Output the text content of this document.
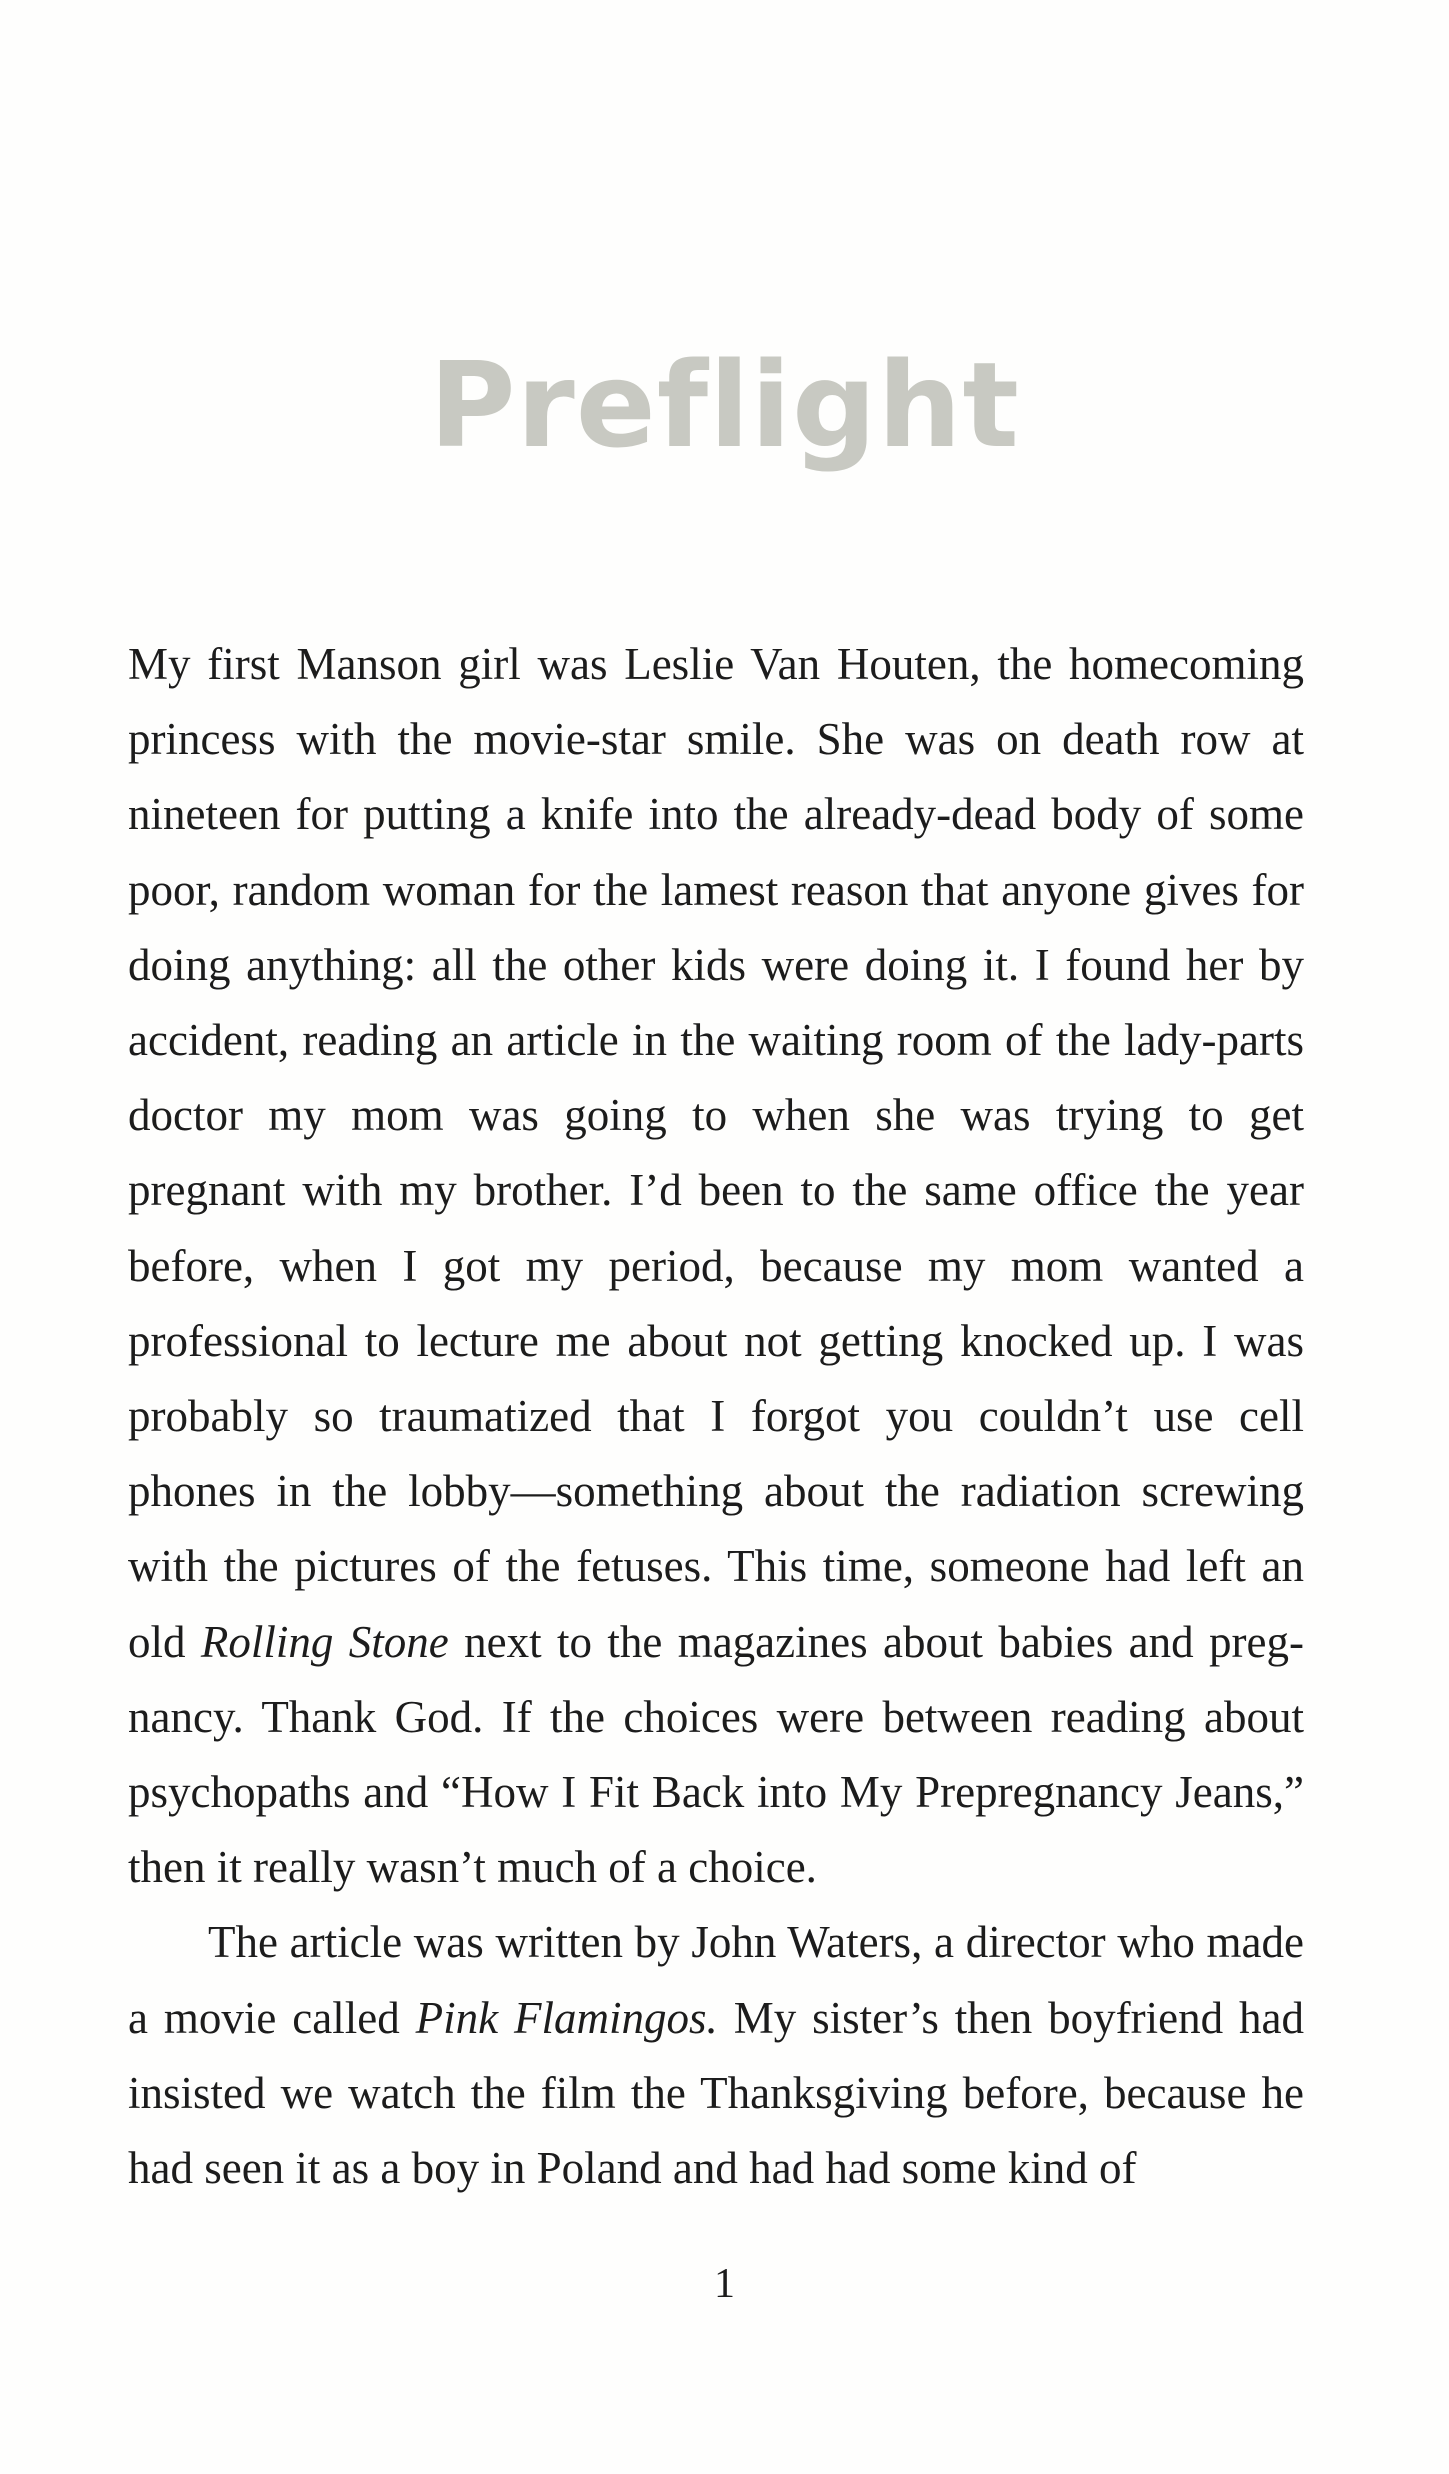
Preflight

My first Manson girl was Leslie Van Houten, the homecoming princess with the movie-star smile. She was on death row at nineteen for putting a knife into the already-dead body of some poor, random woman for the lamest reason that anyone gives for doing anything: all the other kids were doing it. I found her by accident, reading an article in the waiting room of the lady-parts doctor my mom was going to when she was trying to get pregnant with my brother. I’d been to the same office the year before, when I got my period, because my mom wanted a professional to lecture me about not getting knocked up. I was probably so traumatized that I forgot you couldn’t use cell phones in the lobby—something about the radiation screwing with the pictures of the fetuses. This time, someone had left an old Rolling Stone next to the magazines about babies and pregnancy. Thank God. If the choices were between reading about psychopaths and “How I Fit Back into My Prepregnancy Jeans,” then it really wasn’t much of a choice.

The article was written by John Waters, a director who made a movie called Pink Flamingos. My sister’s then boyfriend had insisted we watch the film the Thanksgiving before, because he had seen it as a boy in Poland and had had some kind of

1
